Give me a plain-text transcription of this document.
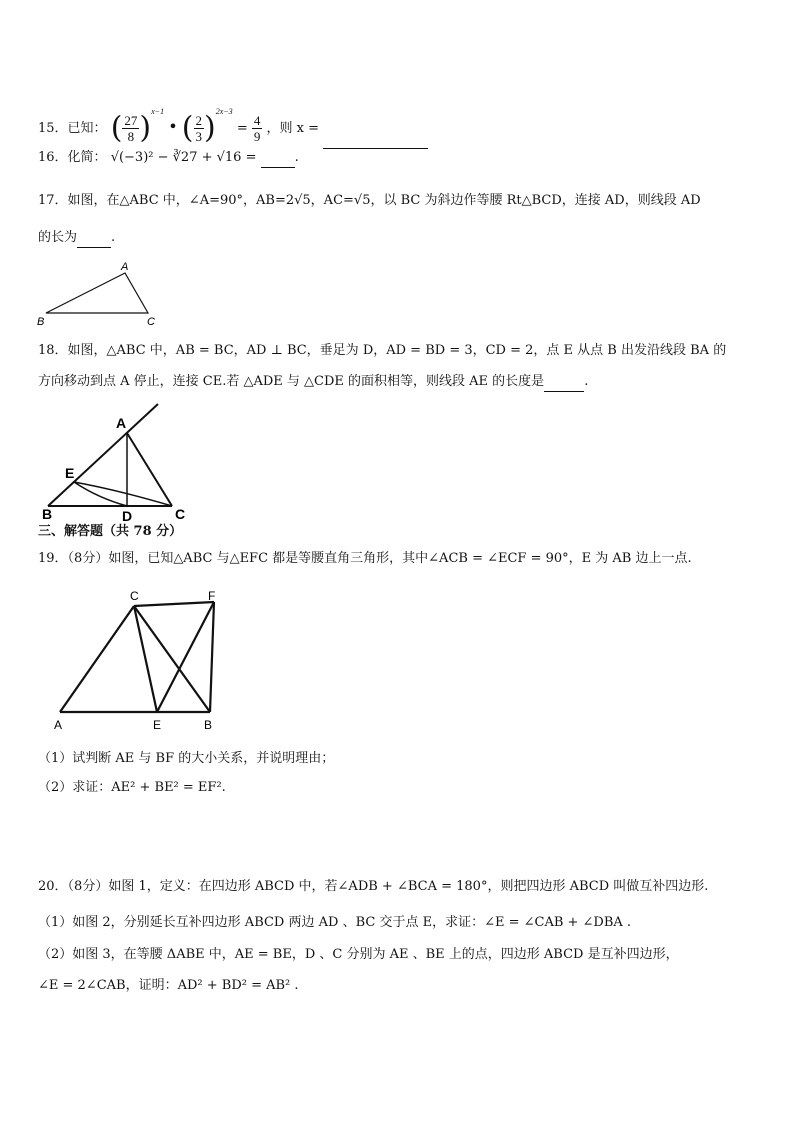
15．已知： ( $\frac{27}{8} )^{x-1}$ • ( $\frac{2}{3} )^{2x-3} = \frac{4}{9}$ ，则 x =
16．化简： √(−3)² − ∛27 + √16 =	.
17．如图，在△ABC 中，∠A=90°，AB=2√5，AC=√5，以 BC 为斜边作等腰 Rt△BCD，连接 AD，则线段 AD
的长为	.
A
B	C
18．如图，△ABC 中，AB = BC，AD ⊥ BC，垂足为 D，AD = BD = 3，CD = 2，点 E 从点 B 出发沿线段 BA 的
方向移动到点 A 停止，连接 CE.若 △ADE 与 △CDE 的面积相等，则线段 AE 的长度是	.
A
E
B	D	C
三、解答题（共 78 分）
19．（8分）如图，已知△ABC 与△EFC 都是等腰直角三角形，其中∠ACB = ∠ECF = 90°，E 为 AB 边上一点.
C	F
A	E	B
（1）试判断 AE 与 BF 的大小关系，并说明理由；
（2）求证：AE² + BE² = EF².
20．（8分）如图 1，定义：在四边形 ABCD 中，若∠ADB + ∠BCA = 180°，则把四边形 ABCD 叫做互补四边形.
（1）如图 2，分别延长互补四边形 ABCD 两边 AD 、BC 交于点 E，求证：∠E = ∠CAB + ∠DBA .
（2）如图 3，在等腰 ΔABE 中，AE = BE，D 、C 分别为 AE 、BE 上的点，四边形 ABCD 是互补四边形，
∠E = 2∠CAB，证明：AD² + BD² = AB² .
